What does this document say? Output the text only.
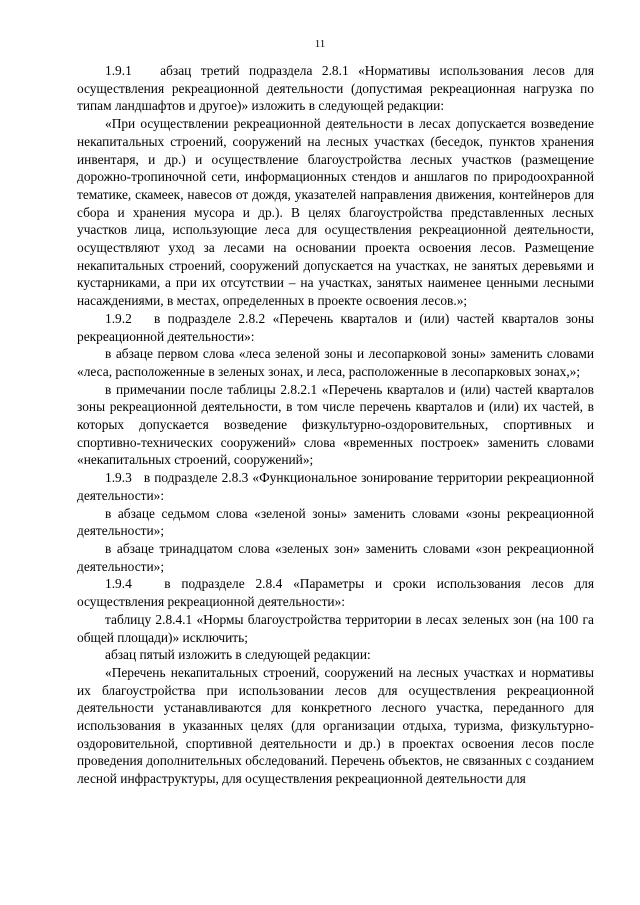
11

1.9.1   абзац третий подраздела 2.8.1 «Нормативы использования лесов для осуществления рекреационной деятельности (допустимая рекреационная нагрузка по типам ландшафтов и другое)» изложить в следующей редакции:

«При осуществлении рекреационной деятельности в лесах допускается возведение некапитальных строений, сооружений на лесных участках (беседок, пунктов хранения инвентаря, и др.) и осуществление благоустройства лесных участков (размещение дорожно-тропиночной сети, информационных стендов и аншлагов по природоохранной тематике, скамеек, навесов от дождя, указателей направления движения, контейнеров для сбора и хранения мусора и др.). В целях благоустройства представленных лесных участков лица, использующие леса для осуществления рекреационной деятельности, осуществляют уход за лесами на основании проекта освоения лесов. Размещение некапитальных строений, сооружений допускается на участках, не занятых деревьями и кустарниками, а при их отсутствии – на участках, занятых наименее ценными лесными насаждениями, в местах, определенных в проекте освоения лесов.»;

1.9.2   в подразделе 2.8.2 «Перечень кварталов и (или) частей кварталов зоны рекреационной деятельности»:

в абзаце первом слова «леса зеленой зоны и лесопарковой зоны» заменить словами «леса, расположенные в зеленых зонах, и леса, расположенные в лесопарковых зонах,»;

в примечании после таблицы 2.8.2.1 «Перечень кварталов и (или) частей кварталов зоны рекреационной деятельности, в том числе перечень кварталов и (или) их частей, в которых допускается возведение физкультурно-оздоровительных, спортивных и спортивно-технических сооружений» слова «временных построек» заменить словами «некапитальных строений, сооружений»;

1.9.3   в подразделе 2.8.3 «Функциональное зонирование территории рекреационной деятельности»:

в абзаце седьмом слова «зеленой зоны» заменить словами «зоны рекреационной деятельности»;

в абзаце тринадцатом слова «зеленых зон» заменить словами «зон рекреационной деятельности»;

1.9.4   в подразделе 2.8.4 «Параметры и сроки использования лесов для осуществления рекреационной деятельности»:

таблицу 2.8.4.1 «Нормы благоустройства территории в лесах зеленых зон (на 100 га общей площади)» исключить;

абзац пятый изложить в следующей редакции:

«Перечень некапитальных строений, сооружений на лесных участках и нормативы их благоустройства при использовании лесов для осуществления рекреационной деятельности устанавливаются для конкретного лесного участка, переданного для использования в указанных целях (для организации отдыха, туризма, физкультурно-оздоровительной, спортивной деятельности и др.) в проектах освоения лесов после проведения дополнительных обследований. Перечень объектов, не связанных с созданием лесной инфраструктуры, для осуществления рекреационной деятельности для
